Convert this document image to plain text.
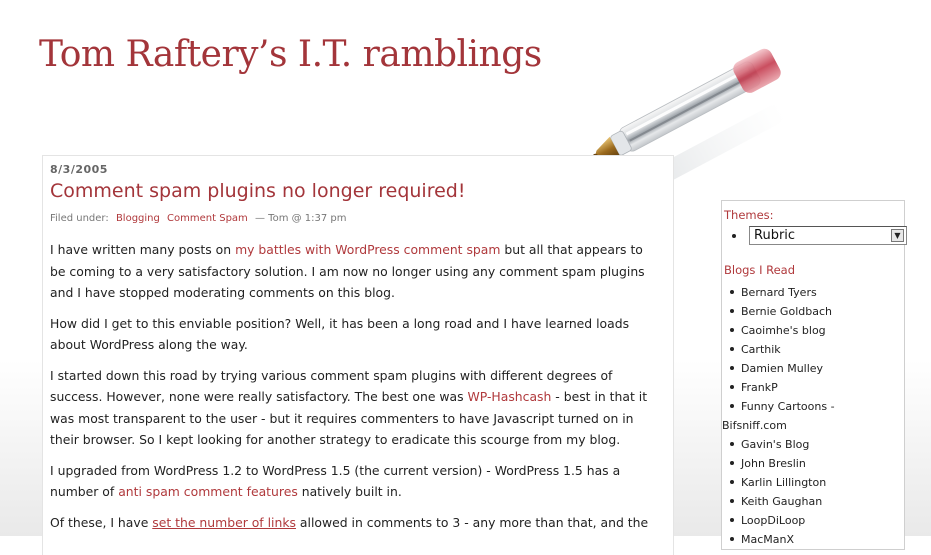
Tom Raftery’s I.T. ramblings
8/3/2005
Comment spam plugins no longer required!
Filed under: Blogging Comment Spam — Tom @ 1:37 pm

I have written many posts on my battles with WordPress comment spam but all that appears to be coming to a very satisfactory solution. I am now no longer using any comment spam plugins and I have stopped moderating comments on this blog.

How did I get to this enviable position? Well, it has been a long road and I have learned loads about WordPress along the way.

I started down this road by trying various comment spam plugins with different degrees of success. However, none were really satisfactory. The best one was WP-Hashcash - best in that it was most transparent to the user - but it requires commenters to have Javascript turned on in their browser. So I kept looking for another strategy to eradicate this scourge from my blog.

I upgraded from WordPress 1.2 to WordPress 1.5 (the current version) - WordPress 1.5 has a number of anti spam comment features natively built in.

Of these, I have set the number of links allowed in comments to 3 - any more than that, and the

Themes:
Rubric	▼
Blogs I Read
Bernard Tyers
Bernie Goldbach
Caoimhe's blog
Carthik
Damien Mulley
FrankP
Funny Cartoons -
Bifsniff.com
Gavin's Blog
John Breslin
Karlin Lillington
Keith Gaughan
LoopDiLoop
MacManX
